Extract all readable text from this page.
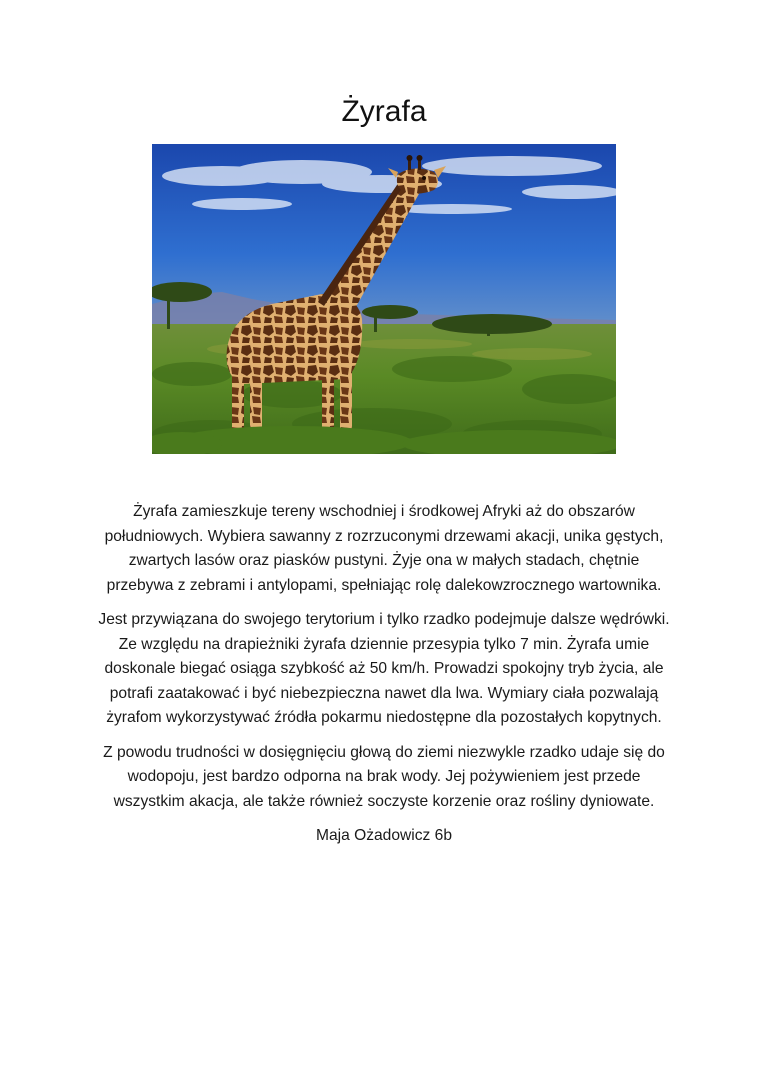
Żyrafa

Żyrafa zamieszkuje tereny wschodniej i środkowej Afryki aż do obszarów południowych. Wybiera sawanny z rozrzuconymi drzewami akacji, unika gęstych, zwartych lasów oraz piasków pustyni. Żyje ona w małych stadach, chętnie przebywa z zebrami i antylopami, spełniając rolę dalekowzrocznego wartownika.

Jest przywiązana do swojego terytorium i tylko rzadko podejmuje dalsze wędrówki. Ze względu na drapieżniki żyrafa dziennie przesypia tylko 7 min. Żyrafa umie doskonale biegać osiąga szybkość aż 50 km/h. Prowadzi spokojny tryb życia, ale potrafi zaatakować i być niebezpieczna nawet dla lwa. Wymiary ciała pozwalają żyrafom wykorzystywać źródła pokarmu niedostępne dla pozostałych kopytnych.

Z powodu trudności w dosięgnięciu głową do ziemi niezwykle rzadko udaje się do wodopoju, jest bardzo odporna na brak wody. Jej pożywieniem jest przede wszystkim akacja, ale także również soczyste korzenie oraz rośliny dyniowate.

Maja Ożadowicz 6b
